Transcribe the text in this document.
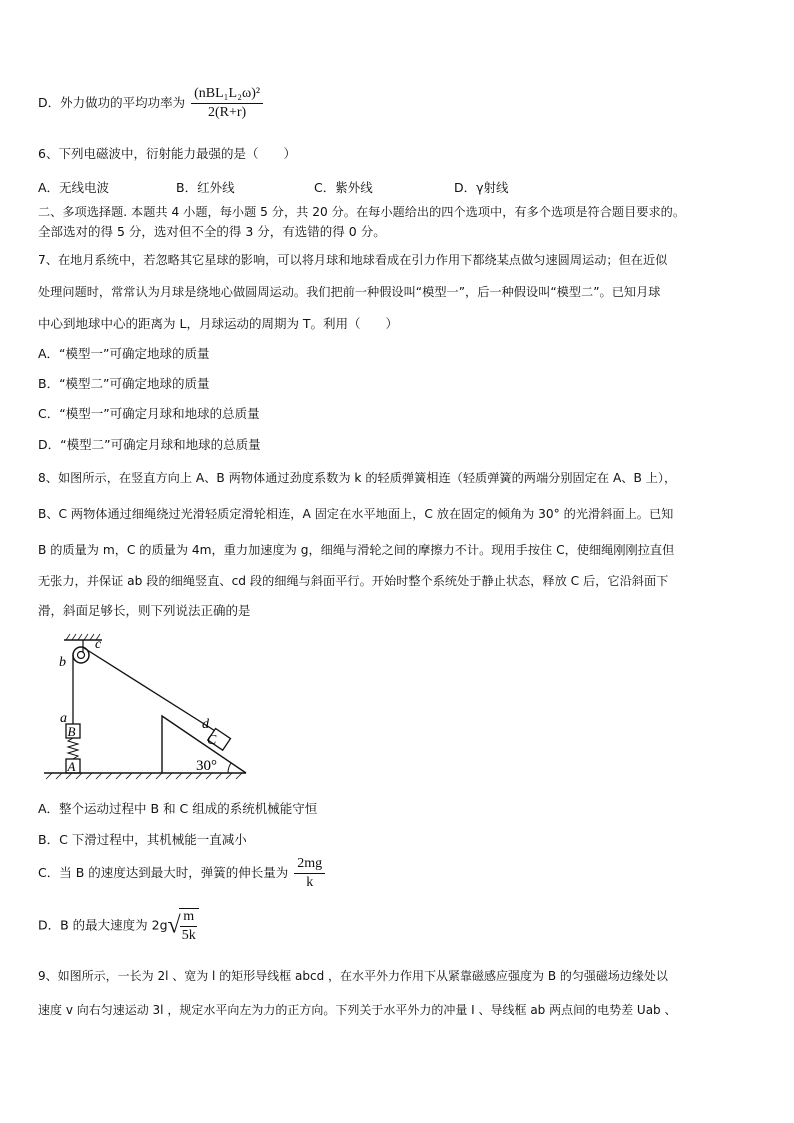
D．外力做功的平均功率为 $\frac{\text{(nBL₁L₂ω)²}}{2(R+r)}$
6、下列电磁波中，衍射能力最强的是（　　）
A．无线电波	B．红外线	C．紫外线	D．γ射线
二、多项选择题. 本题共 4 小题，每小题 5 分，共 20 分。在每小题给出的四个选项中，有多个选项是符合题目要求的。
全部选对的得 5 分，选对但不全的得 3 分，有选错的得 0 分。
7、在地月系统中，若忽略其它星球的影响，可以将月球和地球看成在引力作用下都绕某点做匀速圆周运动；但在近似
处理问题时，常常认为月球是绕地心做圆周运动。我们把前一种假设叫“模型一”，后一种假设叫“模型二”。已知月球
中心到地球中心的距离为 L，月球运动的周期为 T。利用（　　）
A．“模型一”可确定地球的质量
B．“模型二”可确定地球的质量
C．“模型一”可确定月球和地球的总质量
D．“模型二”可确定月球和地球的总质量
8、如图所示，在竖直方向上 A、B 两物体通过劲度系数为 k 的轻质弹簧相连（轻质弹簧的两端分别固定在 A、B 上），
B、C 两物体通过细绳绕过光滑轻质定滑轮相连，A 固定在水平地面上，C 放在固定的倾角为 30° 的光滑斜面上。已知
B 的质量为 m，C 的质量为 4m，重力加速度为 g，细绳与滑轮之间的摩擦力不计。现用手按住 C，使细绳刚刚拉直但
无张力，并保证 ab 段的细绳竖直、cd 段的细绳与斜面平行。开始时整个系统处于静止状态，释放 C 后，它沿斜面下
滑，斜面足够长，则下列说法正确的是
B
A
C
30°
c
b
a	d
A．整个运动过程中 B 和 C 组成的系统机械能守恒
B．C 下滑过程中，其机械能一直减小
C．当 B 的速度达到最大时，弹簧的伸长量为 $\frac{2mg}{k}$
D．B 的最大速度为 2g√
$\frac{m}{5k}$
9、如图所示，一长为 2l 、宽为 l 的矩形导线框 abcd ，在水平外力作用下从紧靠磁感应强度为 B 的匀强磁场边缘处以
速度 v 向右匀速运动 3l ，规定水平向左为力的正方向。下列关于水平外力的冲量 I 、导线框 ab 两点间的电势差 Uab 、
